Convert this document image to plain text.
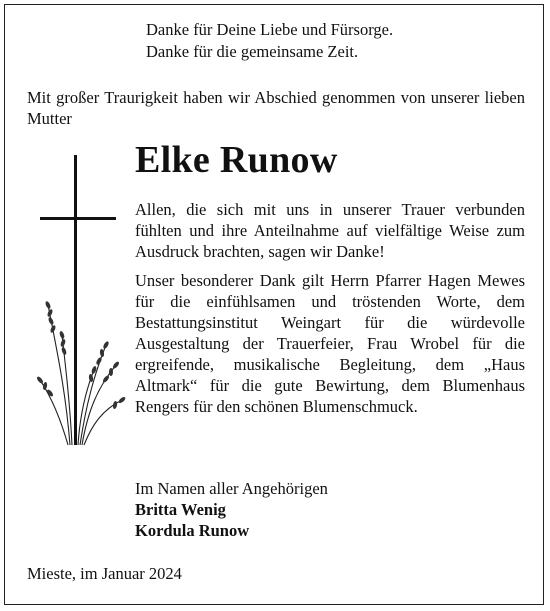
Danke für Deine Liebe und Fürsorge.
Danke für die gemeinsame Zeit.
Mit großer Traurigkeit haben wir Abschied genommen von unserer lieben Mutter
Elke Runow

Allen, die sich mit uns in unserer Trauer verbunden fühlten und ihre Anteilnahme auf vielfältige Weise zum Ausdruck brachten, sagen wir Danke!

Unser besonderer Dank gilt Herrn Pfarrer Hagen Mewes für die einfühlsamen und tröstenden Worte, dem Bestattungsinstitut Weingart für die würdevolle Ausgestaltung der Trauerfeier, Frau Wrobel für die ergreifende, musikalische Begleitung, dem „Haus Altmark“ für die gute Bewirtung, dem Blumenhaus Rengers für den schönen Blumenschmuck.

Im Namen aller Angehörigen
Britta Wenig
Kordula Runow
Mieste, im Januar 2024
